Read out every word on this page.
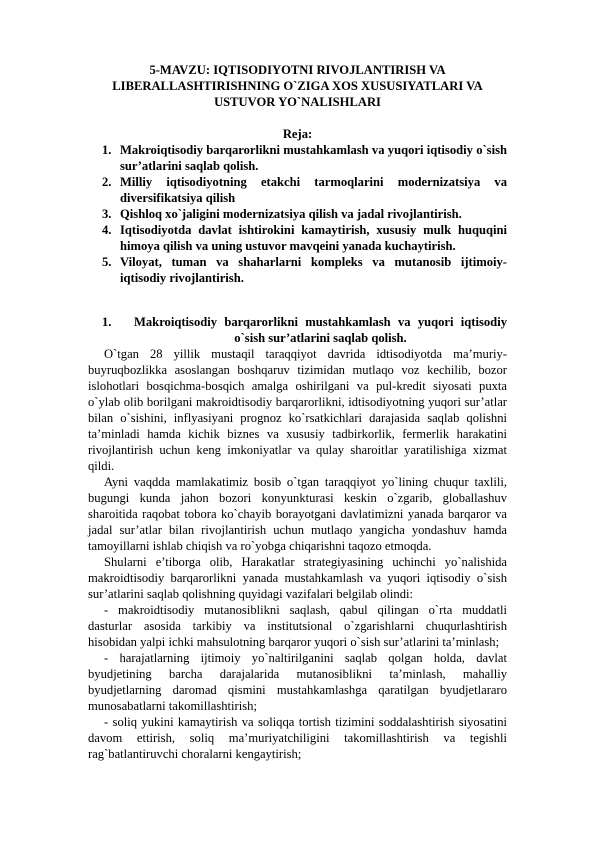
5-MAVZU: IQTISODIYOTNI RIVOJLANTIRISH VA
LIBERALLASHTIRISHNING O`ZIGA XOS XUSUSIYATLARI VA
USTUVOR YO`NALISHLARI
Reja:
1. Makroiqtisodiy barqarorlikni mustahkamlash va yuqori iqtisodiy o`sish sur’atlarini saqlab qolish.
2. Milliy iqtisodiyotning etakchi tarmoqlarini modernizatsiya va diversifikatsiya qilish
3. Qishloq xo`jaligini modernizatsiya qilish va jadal rivojlantirish.
4. Iqtisodiyotda davlat ishtirokini kamaytirish, xususiy mulk huquqini himoya qilish va uning ustuvor mavqeini yanada kuchaytirish.
5. Viloyat, tuman va shaharlarni kompleks va mutanosib ijtimoiy-iqtisodiy rivojlantirish.
1. Makroiqtisodiy barqarorlikni mustahkamlash va yuqori iqtisodiy o`sish sur’atlarini saqlab qolish.

O`tgan 28 yillik mustaqil taraqqiyot davrida idtisodiyotda ma’muriy-buyruqbozlikka asoslangan boshqaruv tizimidan mutlaqo voz kechilib, bozor islohotlari bosqichma-bosqich amalga oshirilgani va pul-kredit siyosati puxta o`ylab olib borilgani makroidtisodiy barqarorlikni, idtisodiyotning yuqori sur’atlar bilan o`sishini, inflyasiyani prognoz ko`rsatkichlari darajasida saqlab qolishni ta’minladi hamda kichik biznes va xususiy tadbirkorlik, fermerlik harakatini rivojlantirish uchun keng imkoniyatlar va qulay sharoitlar yaratilishiga xizmat qildi.

Ayni vaqdda mamlakatimiz bosib o`tgan taraqqiyot yo`lining chuqur taxlili, bugungi kunda jahon bozori konyunkturasi keskin o`zgarib, globallashuv sharoitida raqobat tobora ko`chayib borayotgani davlatimizni yanada barqaror va jadal sur’atlar bilan rivojlantirish uchun mutlaqo yangicha yondashuv hamda tamoyillarni ishlab chiqish va ro`yobga chiqarishni taqozo etmoqda.

Shularni e’tiborga olib, Harakatlar strategiyasining uchinchi yo`nalishida makroidtisodiy barqarorlikni yanada mustahkamlash va yuqori iqtisodiy o`sish sur’atlarini saqlab qolishning quyidagi vazifalari belgilab olindi:

- makroidtisodiy mutanosiblikni saqlash, qabul qilingan o`rta muddatli dasturlar asosida tarkibiy va institutsional o`zgarishlarni chuqurlashtirish hisobidan yalpi ichki mahsulotning barqaror yuqori o`sish sur’atlarini ta’minlash;

- harajatlarning ijtimoiy yo`naltirilganini saqlab qolgan holda, davlat byudjetining barcha darajalarida mutanosiblikni ta’minlash, mahalliy byudjetlarning daromad qismini mustahkamlashga qaratilgan byudjetlararo munosabatlarni takomillashtirish;

- soliq yukini kamaytirish va soliqqa tortish tizimini soddalashtirish siyosatini davom ettirish, soliq ma’muriyatchiligini takomillashtirish va tegishli rag`batlantiruvchi choralarni kengaytirish;
